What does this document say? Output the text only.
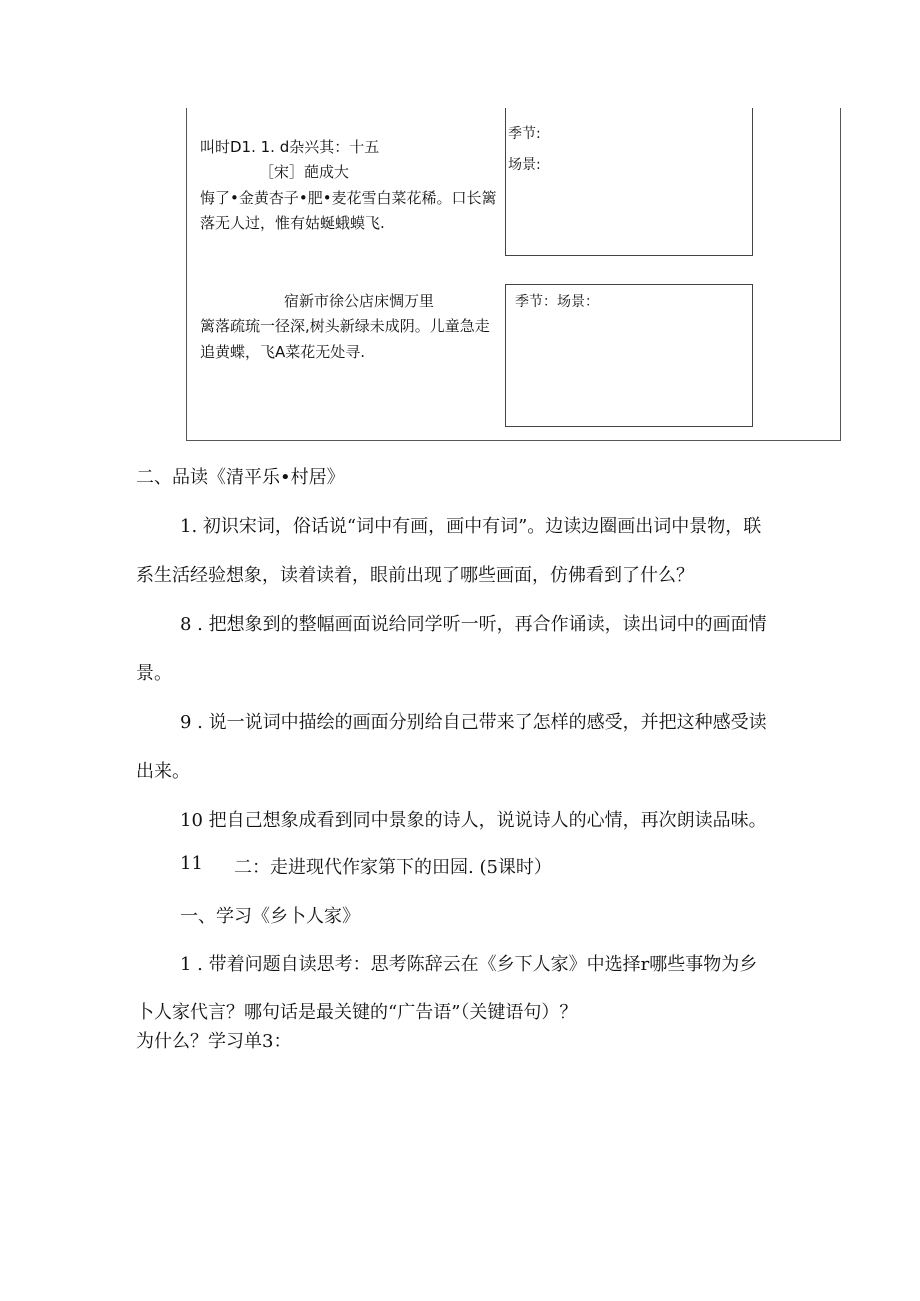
叫时D1. 1. d杂兴其：十五
［宋］葩成大
悔了•金黄杏子•肥•麦花雪白菜花稀。口长篱
落无人过，惟有姑蜒蛾蟆飞.
季节:
场景:
宿新市徐公店床惆万里
篱落疏琉一径深,树头新绿未成阴。儿童急走
追黄蝶，飞A菜花无处寻.
季节：场景：
二、品读《清平乐•村居》
1. 初识宋词，俗话说“词中有画，画中有词”。边读边圈画出词中景物，联
系生活经验想象，读着读着，眼前出现了哪些画面，仿佛看到了什么？
8 . 把想象到的整幅画面说给同学听一听，再合作诵读，读出词中的画面情
景。
9 . 说一说词中描绘的画面分别给自己带来了怎样的感受，并把这种感受读
出来。
10 把自己想象成看到同中景象的诗人，说说诗人的心情，再次朗读品味。
11 二：走进现代作家第下的田园. (5课时）
一、学习《乡卜人家》
1 . 带着问题自读思考：思考陈辞云在《乡下人家》中选择r哪些事物为乡
卜人家代言？哪句话是最关键的“广告语”（关键语句）？
为什么？学习单3：
